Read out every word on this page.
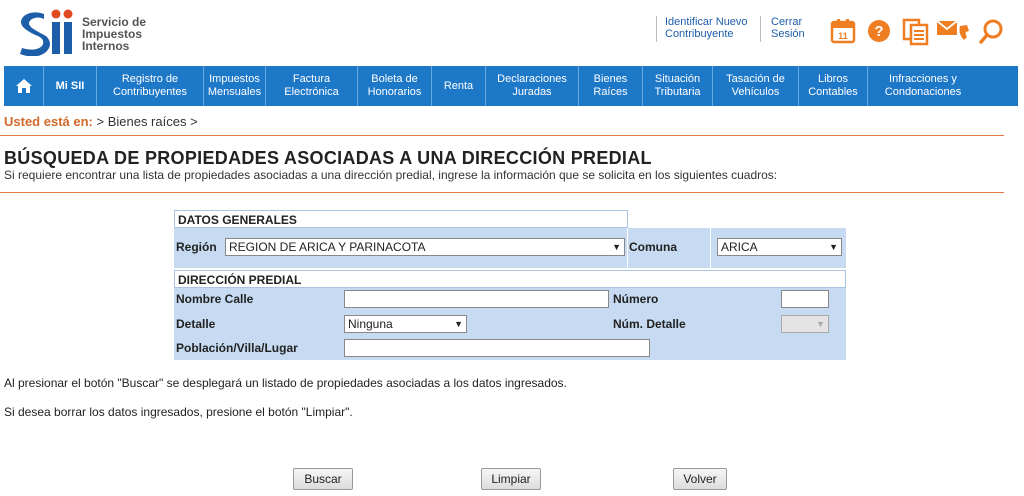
Servicio de
Impuestos
Internos
Identificar Nuevo
Contribuyente
Cerrar
Sesión	11 ?
Mi SII
Registro de
Contribuyentes
Impuestos
Mensuales
Factura
Electrónica
Boleta de
Honorarios
Renta
Declaraciones
Juradas
Bienes
Raíces
Situación
Tributaria
Tasación de
Vehículos
Libros
Contables
Infracciones y
Condonaciones
Usted está en: > Bienes raíces >
BÚSQUEDA DE PROPIEDADES ASOCIADAS A UNA DIRECCIÓN PREDIAL
Si requiere encontrar una lista de propiedades asociadas a una dirección predial, ingrese la información que se solicita en los siguientes cuadros:
DATOS GENERALES
Región	REGION DE ARICA Y PARINACOTA	▼ Comuna	ARICA	▼
DIRECCIÓN PREDIAL
Nombre Calle	Número
Detalle	Ninguna	▼	Núm. Detalle	▼
Población/Villa/Lugar
Al presionar el botón "Buscar" se desplegará un listado de propiedades asociadas a los datos ingresados.
Si desea borrar los datos ingresados, presione el botón "Limpiar".
Buscar	Limpiar	Volver
